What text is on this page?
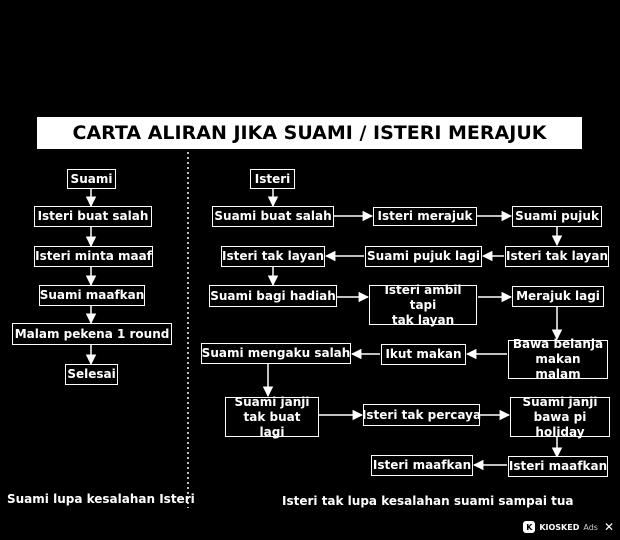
CARTA ALIRAN JIKA SUAMI / ISTERI MERAJUK
Suami
Isteri buat salah
Isteri minta maaf
Suami maafkan
Malam pekena 1 round
Selesai
Isteri
Suami buat salah	Isteri merajuk	Suami pujuk
Isteri tak layan
Suami pujuk lagi
Isteri tak layan
Suami bagi hadiah	Isteri ambil tapi
tak layan
Merajuk lagi
Bawa belanja
makan malam
Ikut makan
Suami mengaku salah
Suami janji
tak buat lagi
Isteri tak percaya
Suami janji
bawa pi holiday
Isteri maafkan
Isteri maafkan
Suami lupa kesalahan Isteri	Isteri tak lupa kesalahan suami sampai tua
K KIOSKED Ads ✕
